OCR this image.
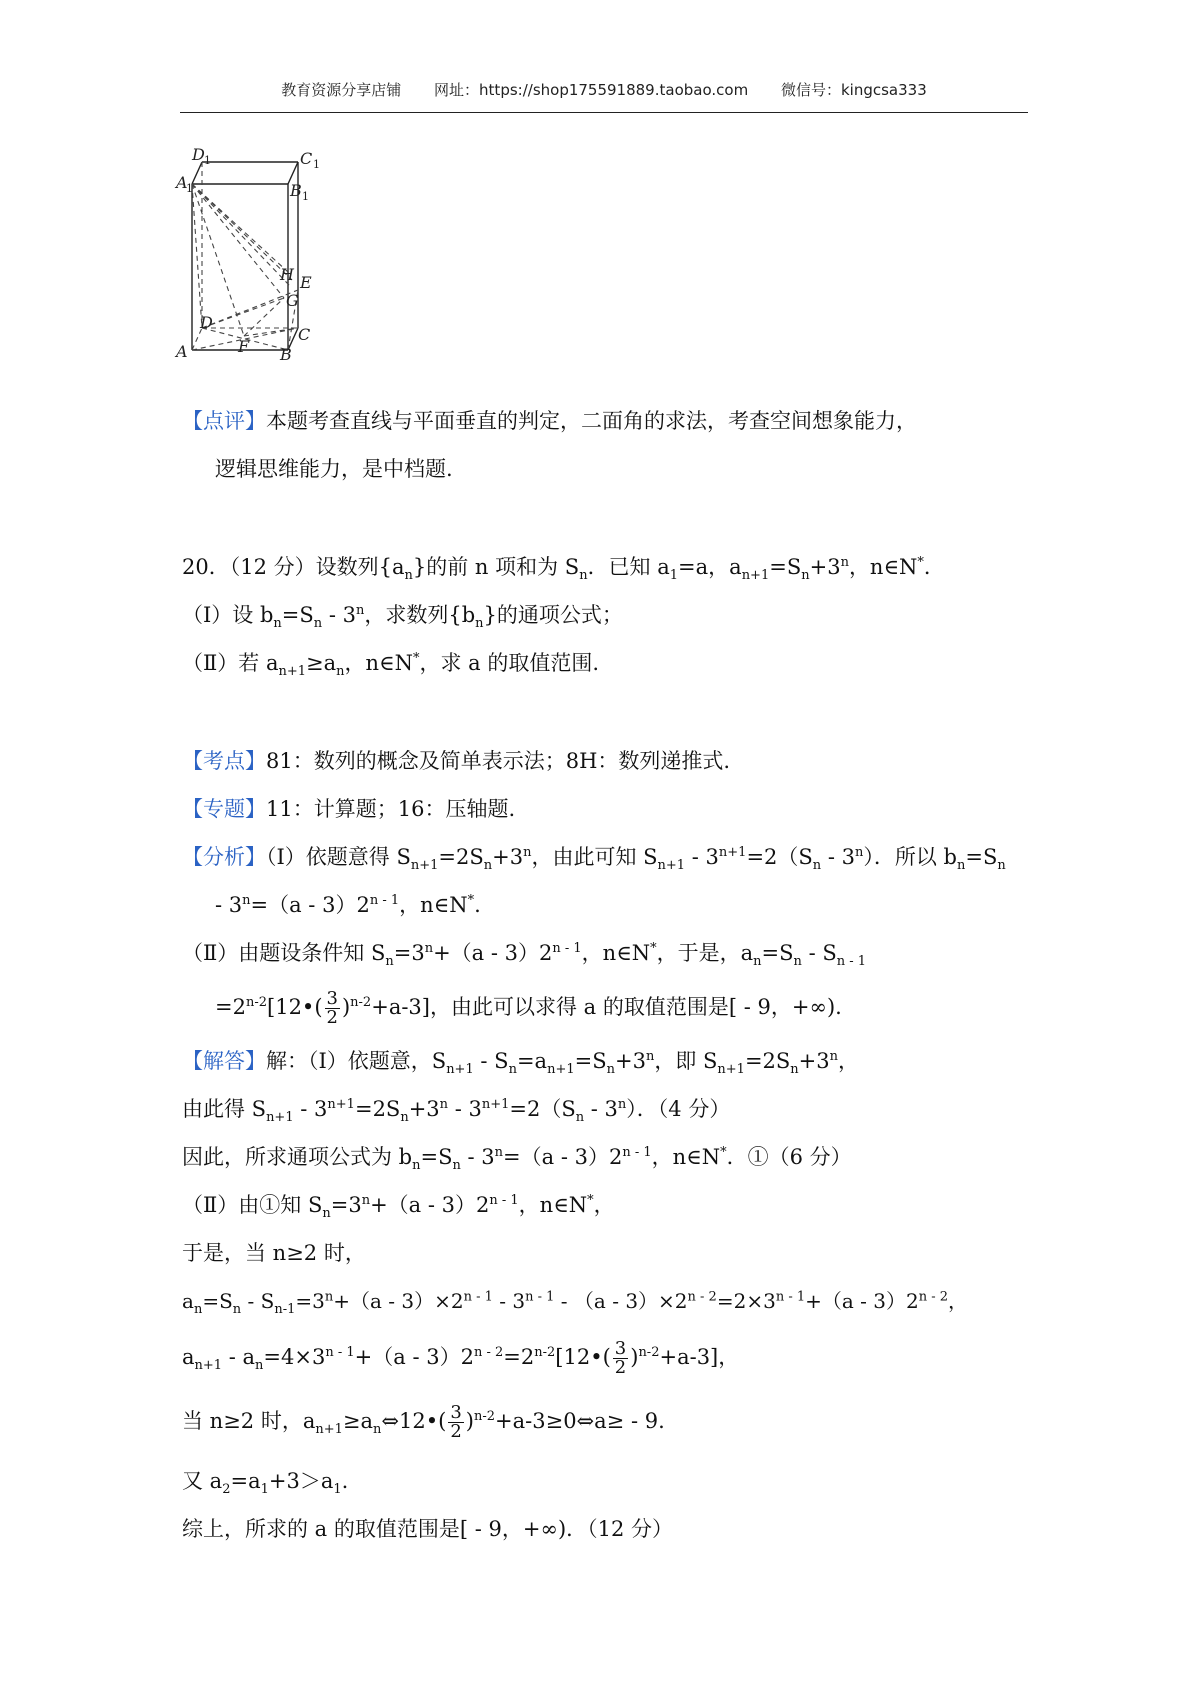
教育资源分享店铺 网址：https://shop175591889.taobao.com 微信号：kingcsa333
D 1	C 1
A
1	B 1
H E
G
D
C
A	F B
【点评】本题考查直线与平面垂直的判定，二面角的求法，考查空间想象能力，
逻辑思维能力，是中档题.
20．（12 分）设数列$\{a_n\}$的前 n 项和为 $S_n$．已知 $a_1=a$，$a_{n+1}=S_n+3^n$，n∈N*．
（Ⅰ）设 $b_n=S_n - 3^n$，求数列$\{b_n\}$的通项公式；
（Ⅱ）若 $a_{n+1}\ge a_n$，n∈N*，求 a 的取值范围.
【考点】81：数列的概念及简单表示法；8H：数列递推式.
【专题】11：计算题；16：压轴题.
【分析】（Ⅰ）依题意得 $S_{n+1}=2S_n+3^n$，由此可知 $S_{n+1} - 3^{n+1}=2(S_n - 3^n)$．所以 $b_n=S_n$
- $3^n=(a - 3)2^{n - 1}$，n∈N*.
（Ⅱ）由题设条件知 $S_n=3^n+(a - 3)2^{n - 1}$，n∈N*，于是，$a_n=S_n - S_{n - 1}$
$=2^{n-2}[12•( \frac{3}{2} )^{n-2}+a-3]$，由此可以求得 a 的取值范围是[ - 9，+∞).
【解答】解：（Ⅰ）依题意，$S_{n+1} - S_n=a_{n+1}=S_n+3^n$，即 $S_{n+1}=2S_n+3^n$，
由此得 $S_{n+1} - 3^{n+1}=2S_n+3^n - 3^{n+1}=2(S_n - 3^n)$．（4 分）
因此，所求通项公式为 $b_n=S_n - 3^n=(a - 3)2^{n - 1}$，n∈N*．①（6 分）
（Ⅱ）由①知 $S_n=3^n+(a - 3)2^{n - 1}$，n∈N*，
于是，当 n≥2 时，
$a_n=S_n - S_{n-1}=3^n+(a - 3)\times 2^{n - 1} - 3^{n - 1} - (a - 3)\times 2^{n - 2}=2\times 3^{n - 1}+(a - 3)2^{n - 2}$，
$a_{n+1} - a_n=4\times 3^{n - 1}+(a$ - $3)2^{n - 2}=2^{n-2}[12•( \frac{3}{2} )^{n-2}+a-3]$，
当 n≥2 时，$a_{n+1}\ge a_n\Leftrightarrow 12•( \frac{3}{2}$ )$^{n-2}$+a-3≥0⇔a≥ - 9.
又 $a_2=a_1+3>a_1$.
综上，所求的 a 的取值范围是[ - 9，+∞)．（12 分）
